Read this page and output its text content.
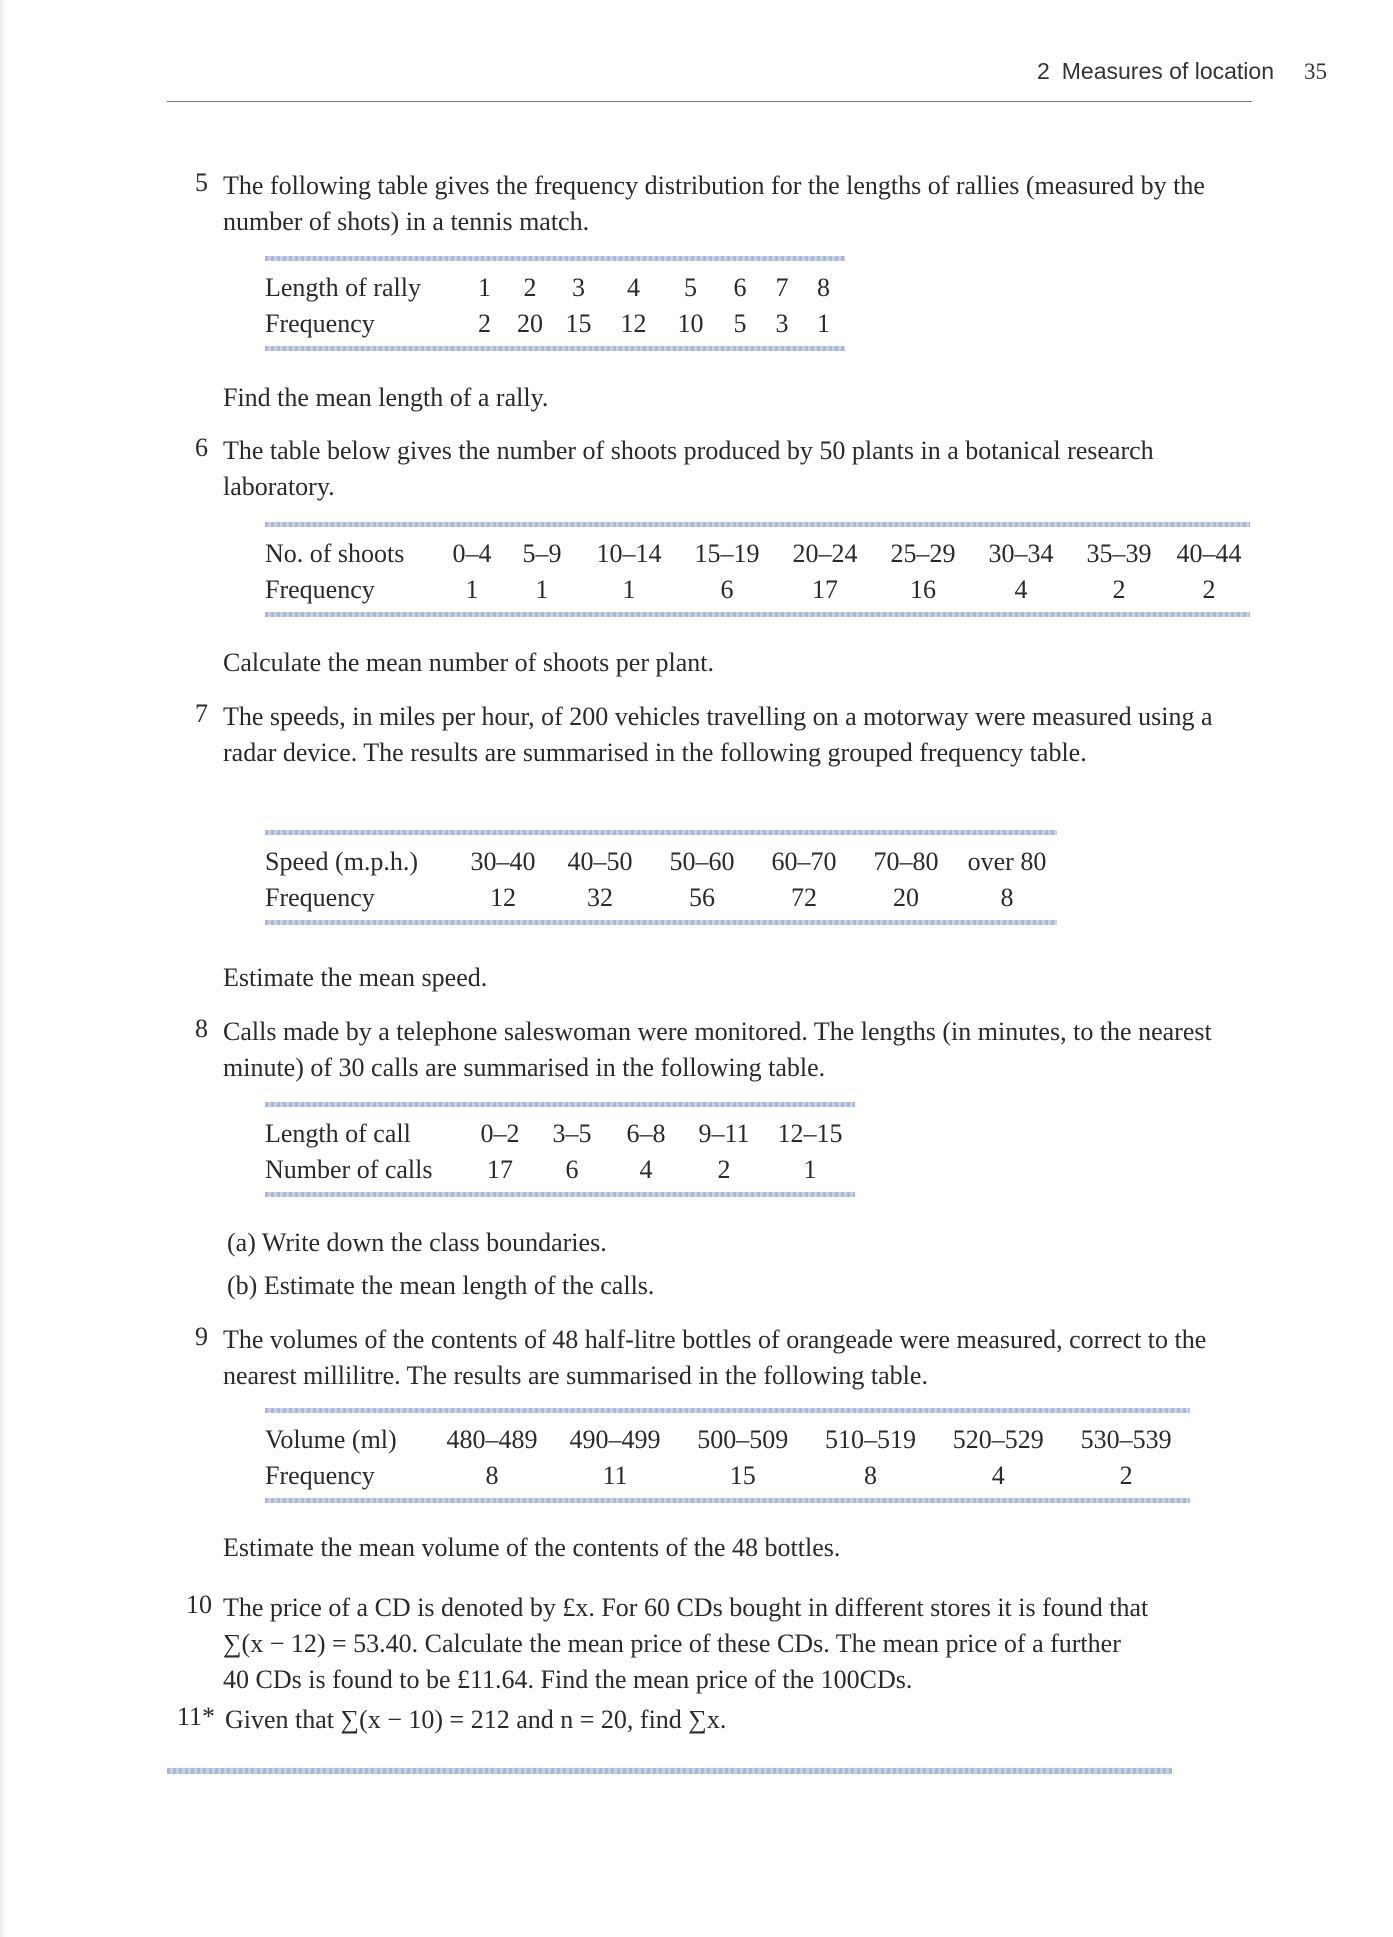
2 Measures of location 35
5 The following table gives the frequency distribution for the lengths of rallies (measured by the number of shots) in a tennis match.
Length of rally	1	2	3	4	5	6	7	8
Frequency	2	20	15	12	10	5	3	1
Find the mean length of a rally.
6 The table below gives the number of shoots produced by 50 plants in a botanical research laboratory.
No. of shoots	0–4	5–9	10–14	15–19	20–24	25–29	30–34	35–39	40–44
Frequency	1	1	1	6	17	16	4	2	2
Calculate the mean number of shoots per plant.
7 The speeds, in miles per hour, of 200 vehicles travelling on a motorway were measured using a radar device. The results are summarised in the following grouped frequency table.
Speed (m.p.h.)	30–40	40–50	50–60	60–70	70–80	over 80
Frequency	12	32	56	72	20	8
Estimate the mean speed.
8 Calls made by a telephone saleswoman were monitored. The lengths (in minutes, to the nearest minute) of 30 calls are summarised in the following table.
Length of call	0–2	3–5	6–8	9–11	12–15
Number of calls	17	6	4	2	1
(a) Write down the class boundaries.
(b) Estimate the mean length of the calls.
9 The volumes of the contents of 48 half-litre bottles of orangeade were measured, correct to the nearest millilitre. The results are summarised in the following table.
Volume (ml)	480–489	490–499	500–509	510–519	520–529	530–539
Frequency	8	11	15	8	4	2
Estimate the mean volume of the contents of the 48 bottles.
10 The price of a CD is denoted by £x. For 60 CDs bought in different stores it is found that
∑(x − 12) = 53.40. Calculate the mean price of these CDs. The mean price of a further
40 CDs is found to be £11.64. Find the mean price of the 100CDs.
11* Given that ∑(x − 10) = 212 and n = 20, find ∑x.
